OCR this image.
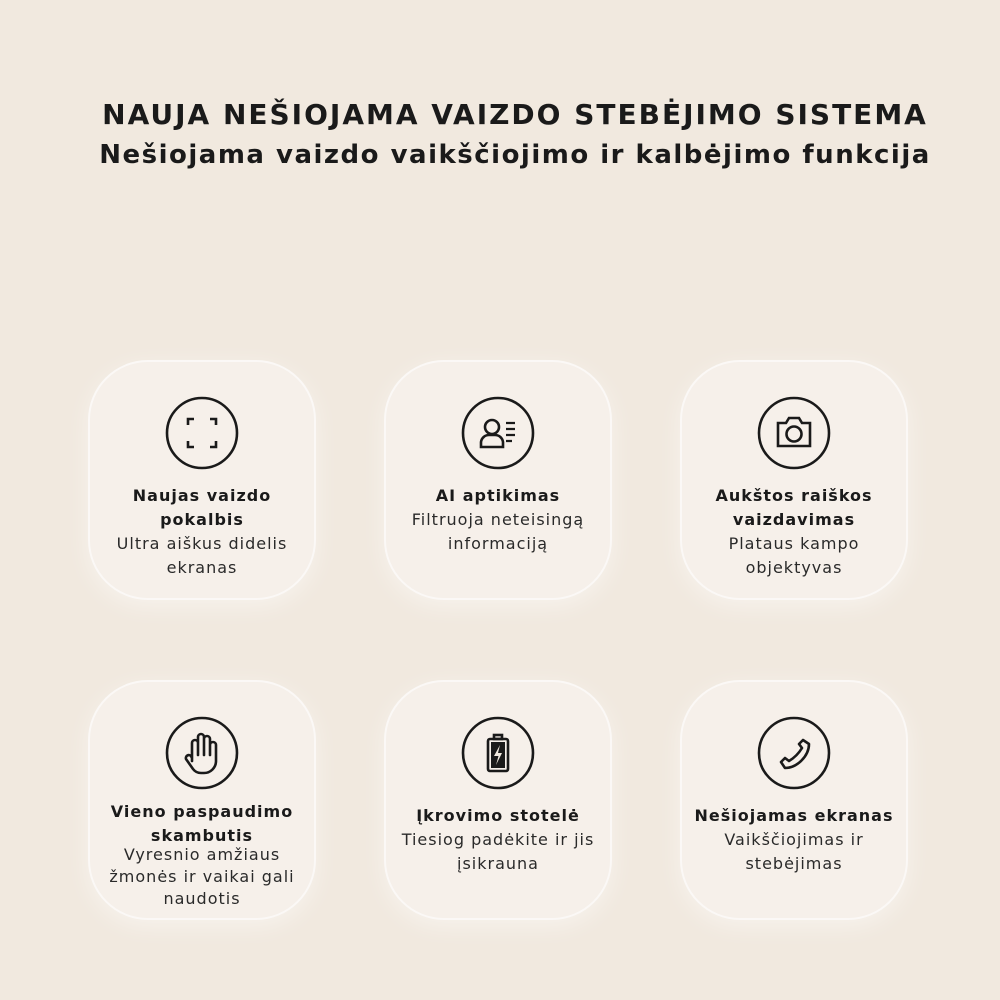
NAUJA NEŠIOJAMA VAIZDO STEBĖJIMO SISTEMA
Nešiojama vaizdo vaikščiojimo ir kalbėjimo funkcija
Naujas vaizdo pokalbis
Ultra aiškus didelis ekranas
AI aptikimas
Filtruoja neteisingą informaciją
Aukštos raiškos vaizdavimas
Plataus kampo objektyvas
Vieno paspaudimo skambutis
Vyresnio amžiaus žmonės ir vaikai gali naudotis
Įkrovimo stotelė
Tiesiog padėkite ir jis įsikrauna
Nešiojamas ekranas
Vaikščiojimas ir stebėjimas
